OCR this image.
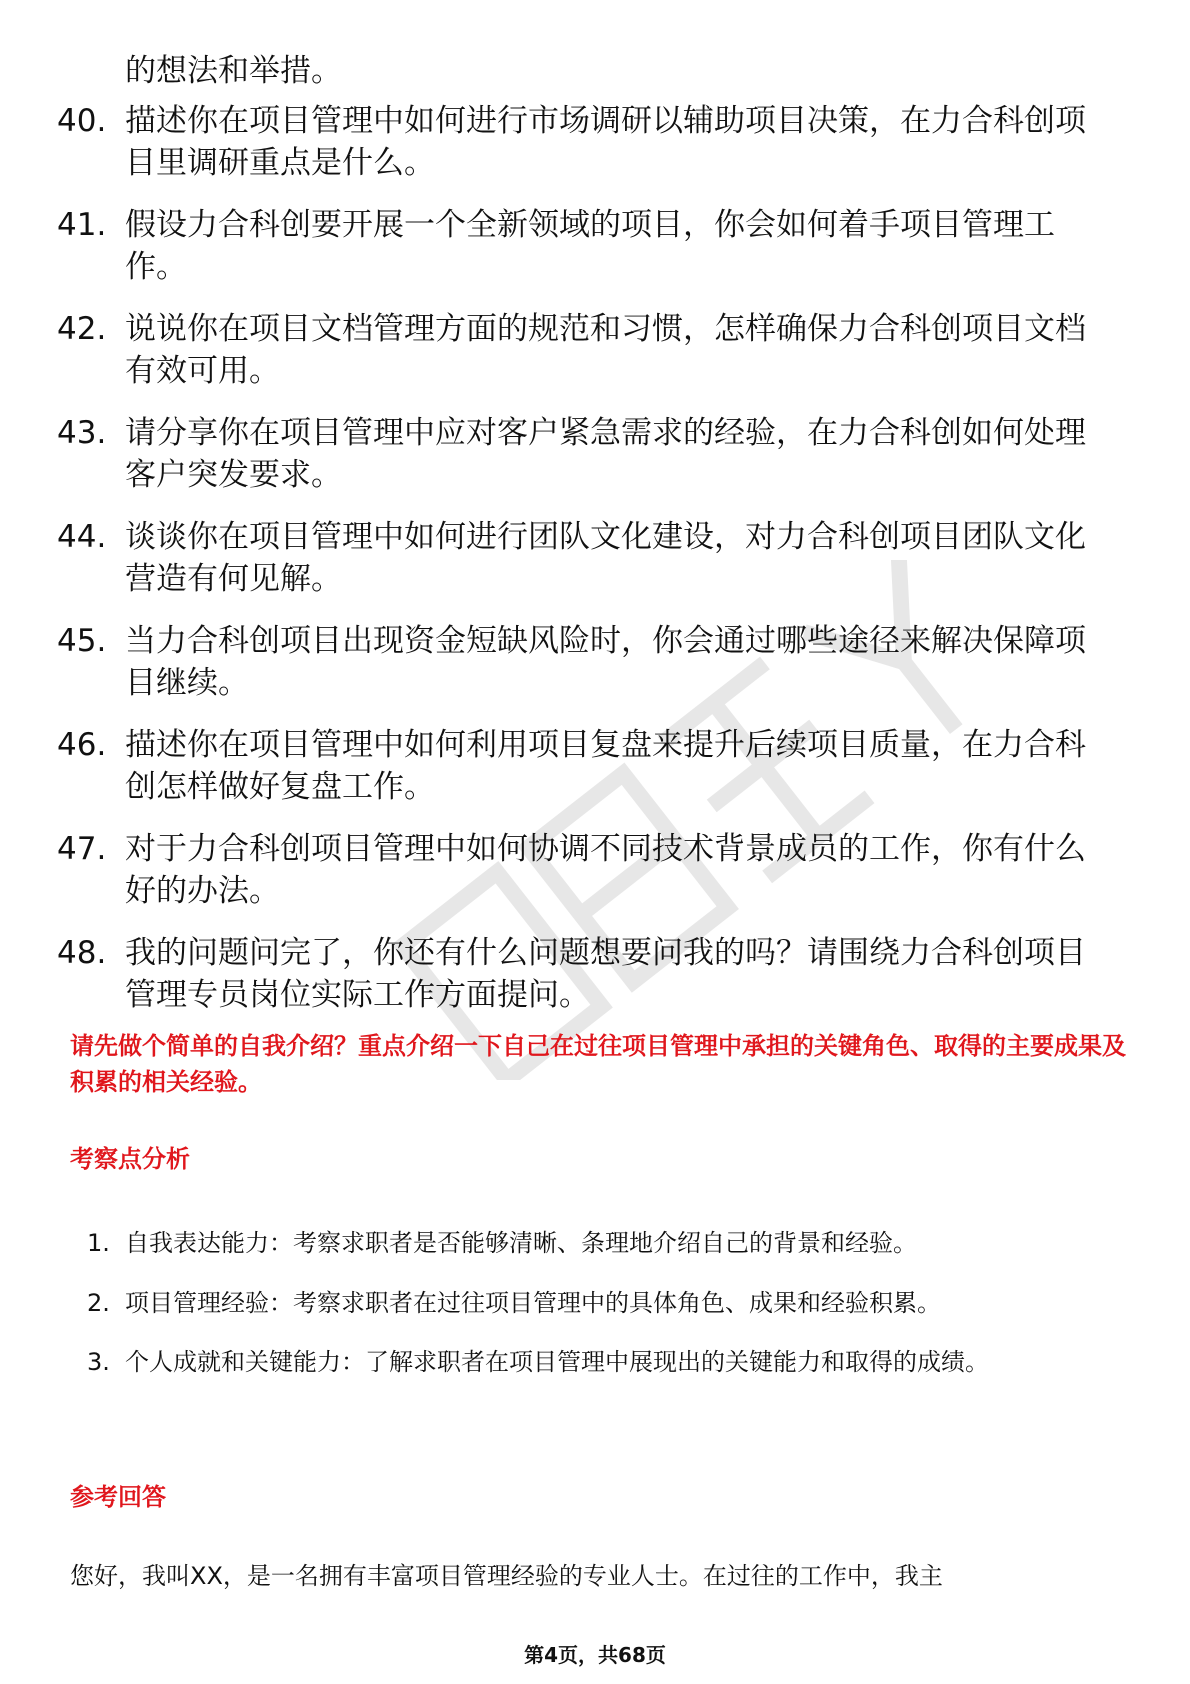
的想法和举措。

40. 描述你在项目管理中如何进行市场调研以辅助项目决策，在力合科创项目里调研重点是什么。
41. 假设力合科创要开展一个全新领域的项目，你会如何着手项目管理工作。
42. 说说你在项目文档管理方面的规范和习惯，怎样确保力合科创项目文档有效可用。
43. 请分享你在项目管理中应对客户紧急需求的经验，在力合科创如何处理客户突发要求。
44. 谈谈你在项目管理中如何进行团队文化建设，对力合科创项目团队文化营造有何见解。
45. 当力合科创项目出现资金短缺风险时，你会通过哪些途径来解决保障项目继续。
46. 描述你在项目管理中如何利用项目复盘来提升后续项目质量，在力合科创怎样做好复盘工作。
47. 对于力合科创项目管理中如何协调不同技术背景成员的工作，你有什么好的办法。
48. 我的问题问完了，你还有什么问题想要问我的吗？请围绕力合科创项目管理专员岗位实际工作方面提问。

请先做个简单的自我介绍？重点介绍一下自己在过往项目管理中承担的关键角色、取得的主要成果及积累的相关经验。

考察点分析
1. 自我表达能力：考察求职者是否能够清晰、条理地介绍自己的背景和经验。
2. 项目管理经验：考察求职者在过往项目管理中的具体角色、成果和经验积累。
3. 个人成就和关键能力：了解求职者在项目管理中展现出的关键能力和取得的成绩。
参考回答

您好，我叫XX，是一名拥有丰富项目管理经验的专业人士。在过往的工作中，我主

第4页，共68页
